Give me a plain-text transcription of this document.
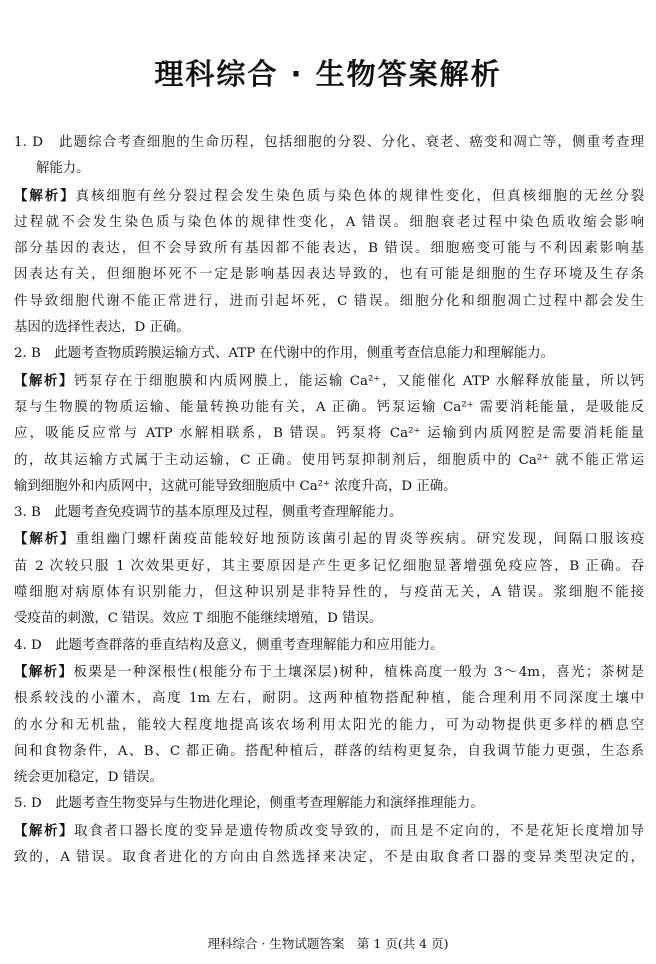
理科综合 · 生物答案解析
1. D　此题综合考查细胞的生命历程，包括细胞的分裂、分化、衰老、癌变和凋亡等，侧重考查理
解能力。
【解析】真核细胞有丝分裂过程会发生染色质与染色体的规律性变化，但真核细胞的无丝分裂
过程就不会发生染色质与染色体的规律性变化，A 错误。细胞衰老过程中染色质收缩会影响
部分基因的表达，但不会导致所有基因都不能表达，B 错误。细胞癌变可能与不利因素影响基
因表达有关，但细胞坏死不一定是影响基因表达导致的，也有可能是细胞的生存环境及生存条
件导致细胞代谢不能正常进行，进而引起坏死，C 错误。细胞分化和细胞凋亡过程中都会发生
基因的选择性表达，D 正确。
2. B　此题考查物质跨膜运输方式、ATP 在代谢中的作用，侧重考查信息能力和理解能力。
【解析】钙泵存在于细胞膜和内质网膜上，能运输 Ca²⁺，又能催化 ATP 水解释放能量，所以钙
泵与生物膜的物质运输、能量转换功能有关，A 正确。钙泵运输 Ca²⁺ 需要消耗能量，是吸能反
应，吸能反应常与 ATP 水解相联系，B 错误。钙泵将 Ca²⁺ 运输到内质网腔是需要消耗能量
的，故其运输方式属于主动运输，C 正确。使用钙泵抑制剂后，细胞质中的 Ca²⁺ 就不能正常运
输到细胞外和内质网中，这就可能导致细胞质中 Ca²⁺ 浓度升高，D 正确。
3. B　此题考查免疫调节的基本原理及过程，侧重考查理解能力。
【解析】重组幽门螺杆菌疫苗能较好地预防该菌引起的胃炎等疾病。研究发现，间隔口服该疫
苗 2 次较只服 1 次效果更好，其主要原因是产生更多记忆细胞显著增强免疫应答，B 正确。吞
噬细胞对病原体有识别能力，但这种识别是非特异性的，与疫苗无关，A 错误。浆细胞不能接
受疫苗的刺激，C 错误。效应 T 细胞不能继续增殖，D 错误。
4. D　此题考查群落的垂直结构及意义，侧重考查理解能力和应用能力。
【解析】板栗是一种深根性(根能分布于土壤深层)树种，植株高度一般为 3～4m，喜光；茶树是
根系较浅的小灌木，高度 1m 左右，耐阴。这两种植物搭配种植，能合理利用不同深度土壤中
的水分和无机盐，能较大程度地提高该农场利用太阳光的能力，可为动物提供更多样的栖息空
间和食物条件，A、B、C 都正确。搭配种植后，群落的结构更复杂，自我调节能力更强，生态系
统会更加稳定，D 错误。
5. D　此题考查生物变异与生物进化理论，侧重考查理解能力和演绎推理能力。
【解析】取食者口器长度的变异是遗传物质改变导致的，而且是不定向的，不是花矩长度增加导
致的，A 错误。取食者进化的方向由自然选择来决定，不是由取食者口器的变异类型决定的，

理科综合 · 生物试题答案　第 1 页(共 4 页)
